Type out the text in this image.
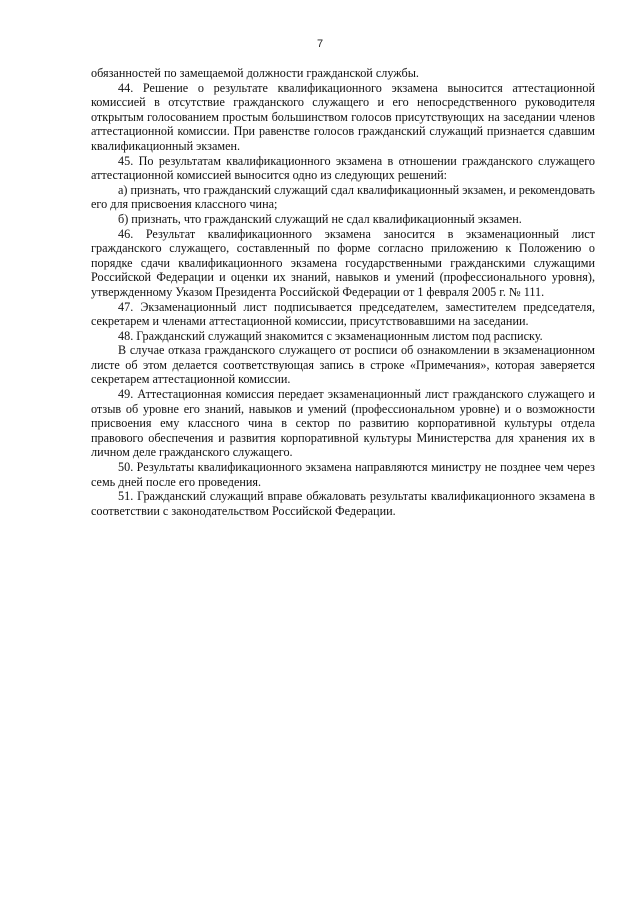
7

обязанностей по замещаемой должности гражданской службы.

44. Решение о результате квалификационного экзамена выносится аттестационной комиссией в отсутствие гражданского служащего и его непосредственного руководителя открытым голосованием простым большинством голосов присутствующих на заседании членов аттестационной комиссии. При равенстве голосов гражданский служащий признается сдавшим квалификационный экзамен.

45. По результатам квалификационного экзамена в отношении гражданского служащего аттестационной комиссией выносится одно из следующих решений:

а) признать, что гражданский служащий сдал квалификационный экзамен, и рекомендовать его для присвоения классного чина;

б) признать, что гражданский служащий не сдал квалификационный экзамен.

46. Результат квалификационного экзамена заносится в экзаменационный лист гражданского служащего, составленный по форме согласно приложению к Положению о порядке сдачи квалификационного экзамена государственными гражданскими служащими Российской Федерации и оценки их знаний, навыков и умений (профессионального уровня), утвержденному Указом Президента Российской Федерации от 1 февраля 2005 г. № 111.

47. Экзаменационный лист подписывается председателем, заместителем председателя, секретарем и членами аттестационной комиссии, присутствовавшими на заседании.

48. Гражданский служащий знакомится с экзаменационным листом под расписку.

В случае отказа гражданского служащего от росписи об ознакомлении в экзаменационном листе об этом делается соответствующая запись в строке «Примечания», которая заверяется секретарем аттестационной комиссии.

49. Аттестационная комиссия передает экзаменационный лист гражданского служащего и отзыв об уровне его знаний, навыков и умений (профессиональном уровне) и о возможности присвоения ему классного чина в сектор по развитию корпоративной культуры отдела правового обеспечения и развития корпоративной культуры Министерства для хранения их в личном деле гражданского служащего.

50. Результаты квалификационного экзамена направляются министру не позднее чем через семь дней после его проведения.

51. Гражданский служащий вправе обжаловать результаты квалификационного экзамена в соответствии с законодательством Российской Федерации.
